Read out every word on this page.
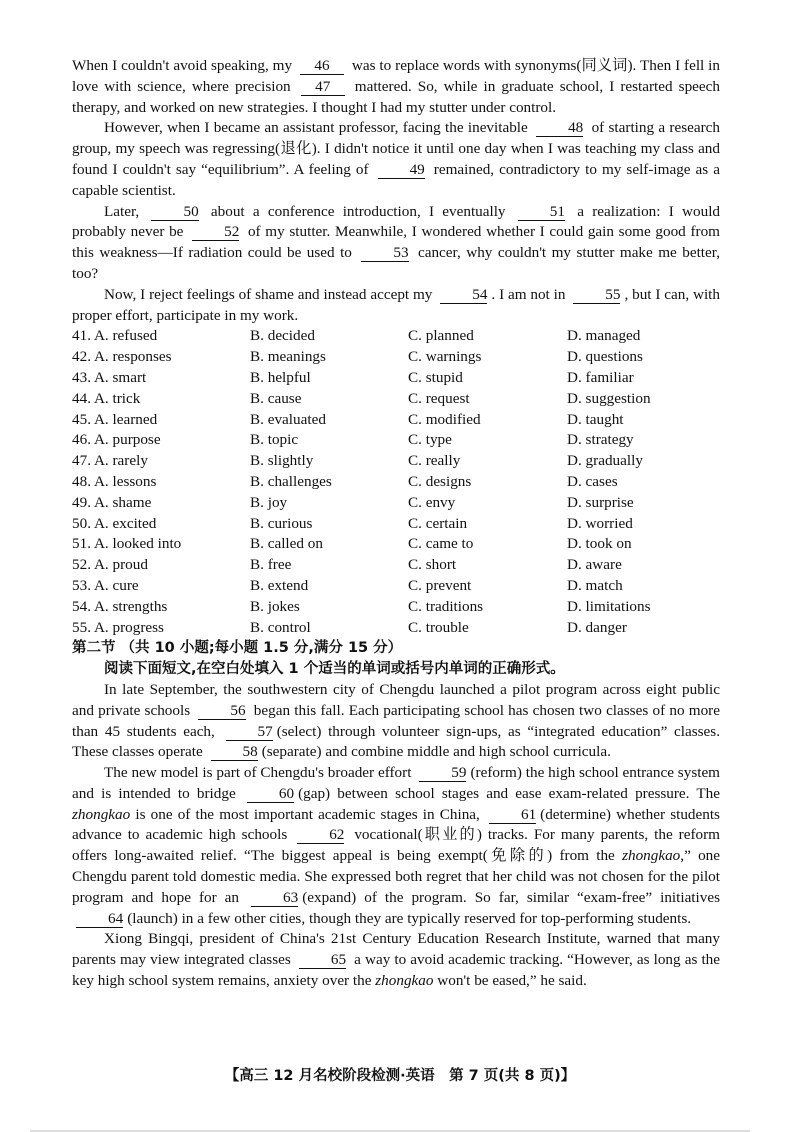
When I couldn't avoid speaking, my 46 was to replace words with synonyms(同义词). Then I fell in love with science, where precision 47 mattered. So, while in graduate school, I restarted speech therapy, and worked on new strategies. I thought I had my stutter under control.

However, when I became an assistant professor, facing the inevitable 48 of starting a research group, my speech was regressing(退化). I didn't notice it until one day when I was teaching my class and found I couldn't say “equilibrium”. A feeling of 49 remained, contradictory to my self-image as a capable scientist.

Later, 50 about a conference introduction, I eventually 51 a realization: I would probably never be 52 of my stutter. Meanwhile, I wondered whether I could gain some good from this weakness—If radiation could be used to 53 cancer, why couldn't my stutter make me better, too?

Now, I reject feelings of shame and instead accept my 54 . I am not in 55 , but I can, with proper effort, participate in my work.

41. A. refused	B. decided	C. planned	D. managed
42. A. responses	B. meanings	C. warnings	D. questions
43. A. smart	B. helpful	C. stupid	D. familiar
44. A. trick	B. cause	C. request	D. suggestion
45. A. learned	B. evaluated	C. modified	D. taught
46. A. purpose	B. topic	C. type	D. strategy
47. A. rarely	B. slightly	C. really	D. gradually
48. A. lessons	B. challenges	C. designs	D. cases
49. A. shame	B. joy	C. envy	D. surprise
50. A. excited	B. curious	C. certain	D. worried
51. A. looked into	B. called on	C. came to	D. took on
52. A. proud	B. free	C. short	D. aware
53. A. cure	B. extend	C. prevent	D. match
54. A. strengths	B. jokes	C. traditions	D. limitations
55. A. progress	B. control	C. trouble	D. danger

第二节 （共 10 小题;每小题 1.5 分,满分 15 分）

阅读下面短文,在空白处填入 1 个适当的单词或括号内单词的正确形式。

In late September, the southwestern city of Chengdu launched a pilot program across eight public and private schools 56 began this fall. Each participating school has chosen two classes of no more than 45 students each, 57 (select) through volunteer sign-ups, as “integrated education” classes. These classes operate 58 (separate) and combine middle and high school curricula.

The new model is part of Chengdu's broader effort 59 (reform) the high school entrance system and is intended to bridge 60 (gap) between school stages and ease exam-related pressure. The zhongkao is one of the most important academic stages in China, 61 (determine) whether students advance to academic high schools 62 vocational(职业的) tracks. For many parents, the reform offers long-awaited relief. “The biggest appeal is being exempt(免除的) from the zhongkao,” one Chengdu parent told domestic media. She expressed both regret that her child was not chosen for the pilot program and hope for an 63 (expand) of the program. So far, similar “exam-free” initiatives 64 (launch) in a few other cities, though they are typically reserved for top-performing students.

Xiong Bingqi, president of China's 21st Century Education Research Institute, warned that many parents may view integrated classes 65 a way to avoid academic tracking. “However, as long as the key high school system remains, anxiety over the zhongkao won't be eased,” he said.

【高三 12 月名校阶段检测·英语　第 7 页(共 8 页)】
